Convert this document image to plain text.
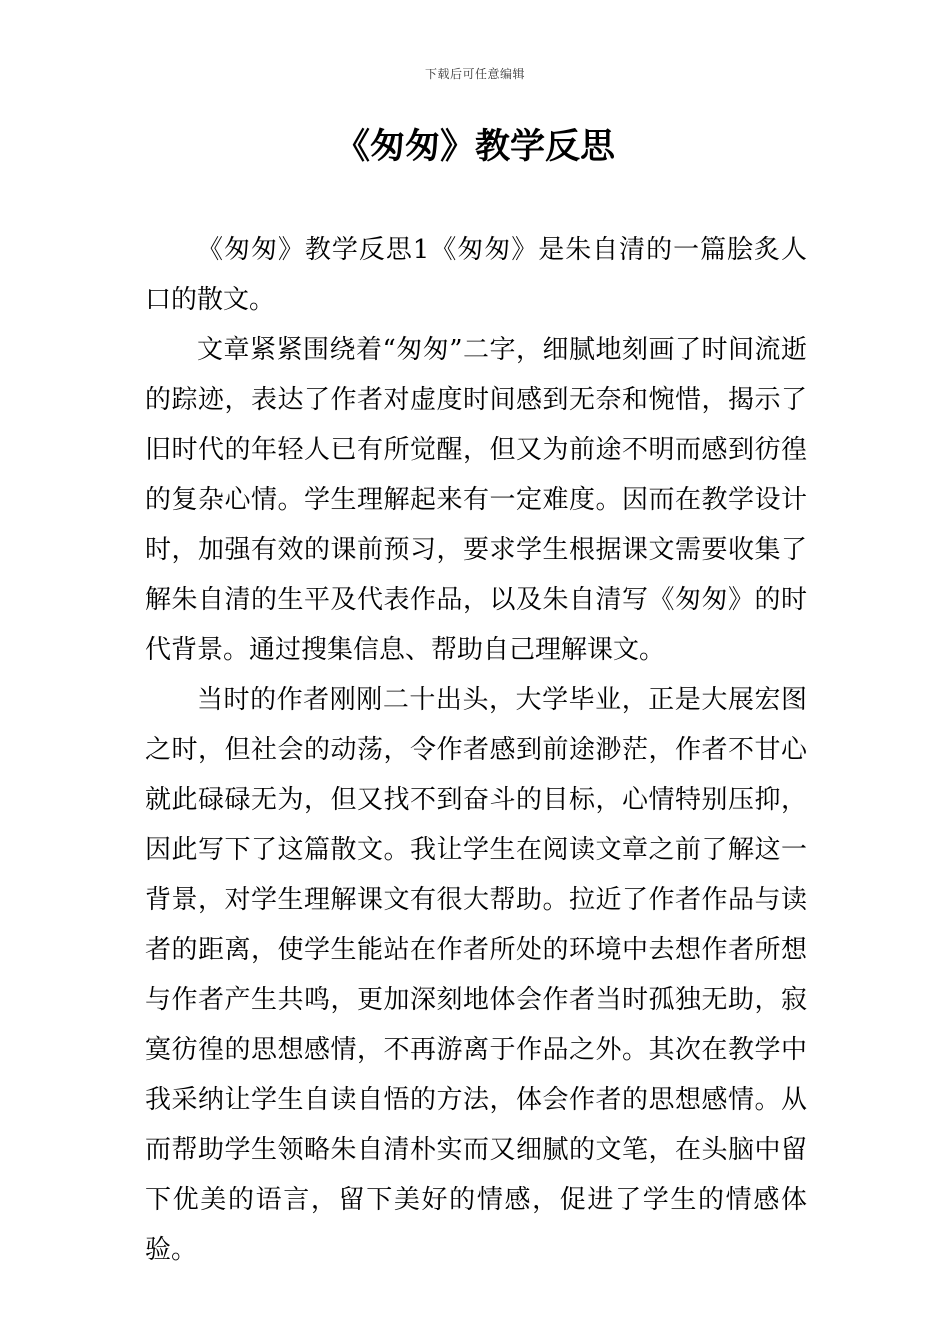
下载后可任意编辑
《匆匆》教学反思

《匆匆》教学反思1《匆匆》是朱自清的一篇脍炙人口的散文。

文章紧紧围绕着“匆匆”二字，细腻地刻画了时间流逝的踪迹，表达了作者对虚度时间感到无奈和惋惜，揭示了旧时代的年轻人已有所觉醒，但又为前途不明而感到彷徨的复杂心情。学生理解起来有一定难度。因而在教学设计时，加强有效的课前预习，要求学生根据课文需要收集了解朱自清的生平及代表作品，以及朱自清写《匆匆》的时代背景。通过搜集信息、帮助自己理解课文。

当时的作者刚刚二十出头，大学毕业，正是大展宏图之时，但社会的动荡，令作者感到前途渺茫，作者不甘心就此碌碌无为，但又找不到奋斗的目标，心情特别压抑，因此写下了这篇散文。我让学生在阅读文章之前了解这一背景，对学生理解课文有很大帮助。拉近了作者作品与读者的距离，使学生能站在作者所处的环境中去想作者所想与作者产生共鸣，更加深刻地体会作者当时孤独无助，寂寞彷徨的思想感情，不再游离于作品之外。其次在教学中我采纳让学生自读自悟的方法，体会作者的思想感情。从而帮助学生领略朱自清朴实而又细腻的文笔，在头脑中留下优美的语言，留下美好的情感，促进了学生的情感体验。
